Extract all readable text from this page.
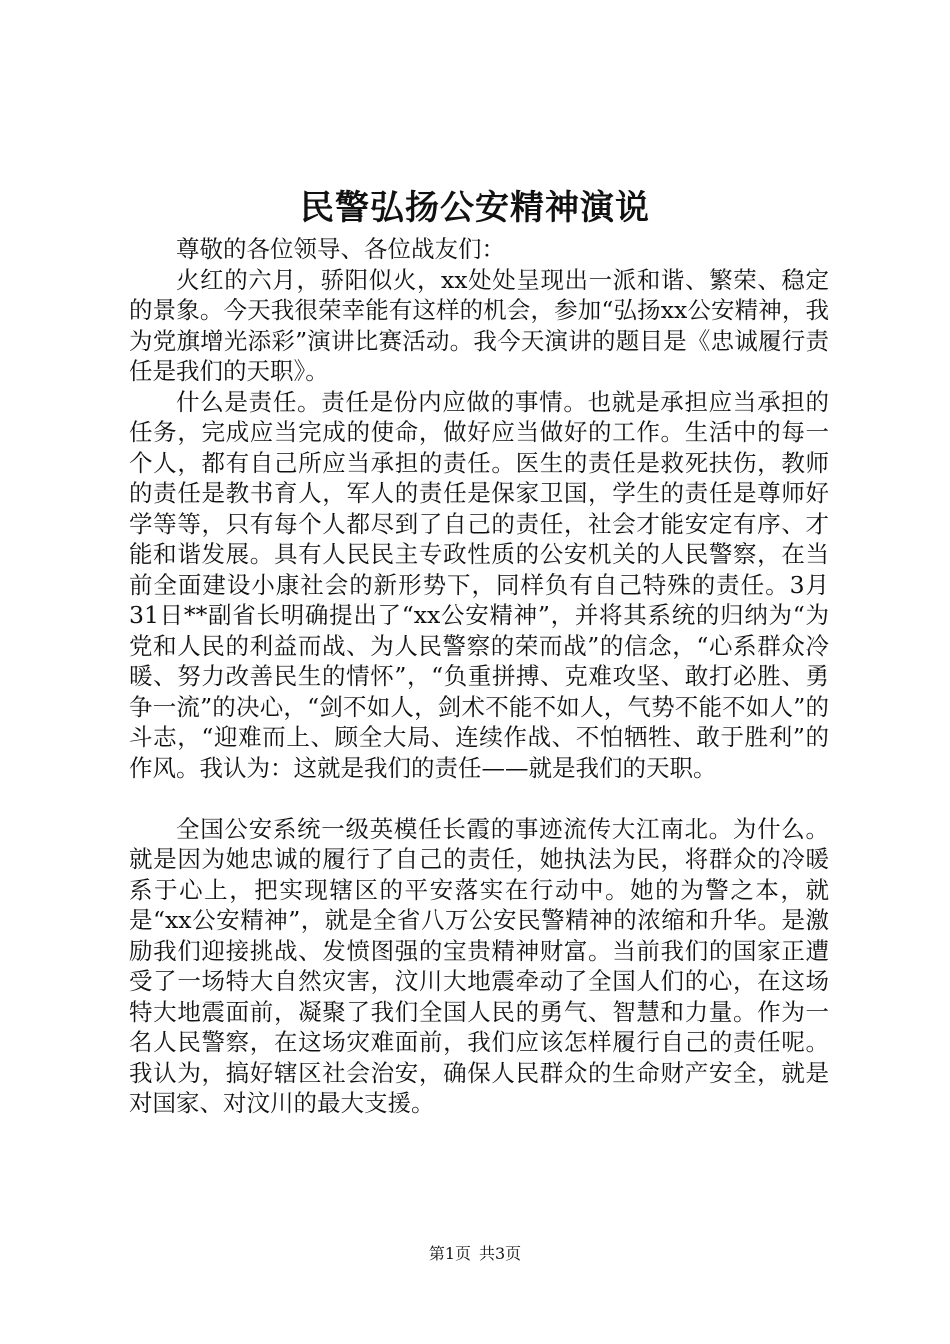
民警弘扬公安精神演说

尊敬的各位领导、各位战友们：

火红的六月，骄阳似火，xx处处呈现出一派和谐、繁荣、稳定的景象。今天我很荣幸能有这样的机会，参加“弘扬xx公安精神，我为党旗增光添彩”演讲比赛活动。我今天演讲的题目是《忠诚履行责任是我们的天职》。

什么是责任。责任是份内应做的事情。也就是承担应当承担的任务，完成应当完成的使命，做好应当做好的工作。生活中的每一个人，都有自己所应当承担的责任。医生的责任是救死扶伤，教师的责任是教书育人，军人的责任是保家卫国，学生的责任是尊师好学等等，只有每个人都尽到了自己的责任，社会才能安定有序、才能和谐发展。具有人民民主专政性质的公安机关的人民警察，在当前全面建设小康社会的新形势下，同样负有自己特殊的责任。3月31日**副省长明确提出了“xx公安精神”，并将其系统的归纳为“为党和人民的利益而战、为人民警察的荣而战”的信念，“心系群众冷暖、努力改善民生的情怀”，“负重拼搏、克难攻坚、敢打必胜、勇争一流”的决心，“剑不如人，剑术不能不如人，气势不能不如人”的斗志，“迎难而上、顾全大局、连续作战、不怕牺牲、敢于胜利”的作风。我认为：这就是我们的责任——就是我们的天职。

全国公安系统一级英模任长霞的事迹流传大江南北。为什么。就是因为她忠诚的履行了自己的责任，她执法为民，将群众的冷暖系于心上，把实现辖区的平安落实在行动中。她的为警之本，就是“xx公安精神”，就是全省八万公安民警精神的浓缩和升华。是激励我们迎接挑战、发愤图强的宝贵精神财富。当前我们的国家正遭受了一场特大自然灾害，汶川大地震牵动了全国人们的心，在这场特大地震面前，凝聚了我们全国人民的勇气、智慧和力量。作为一名人民警察，在这场灾难面前，我们应该怎样履行自己的责任呢。我认为，搞好辖区社会治安，确保人民群众的生命财产安全，就是对国家、对汶川的最大支援。

第1页 共3页
